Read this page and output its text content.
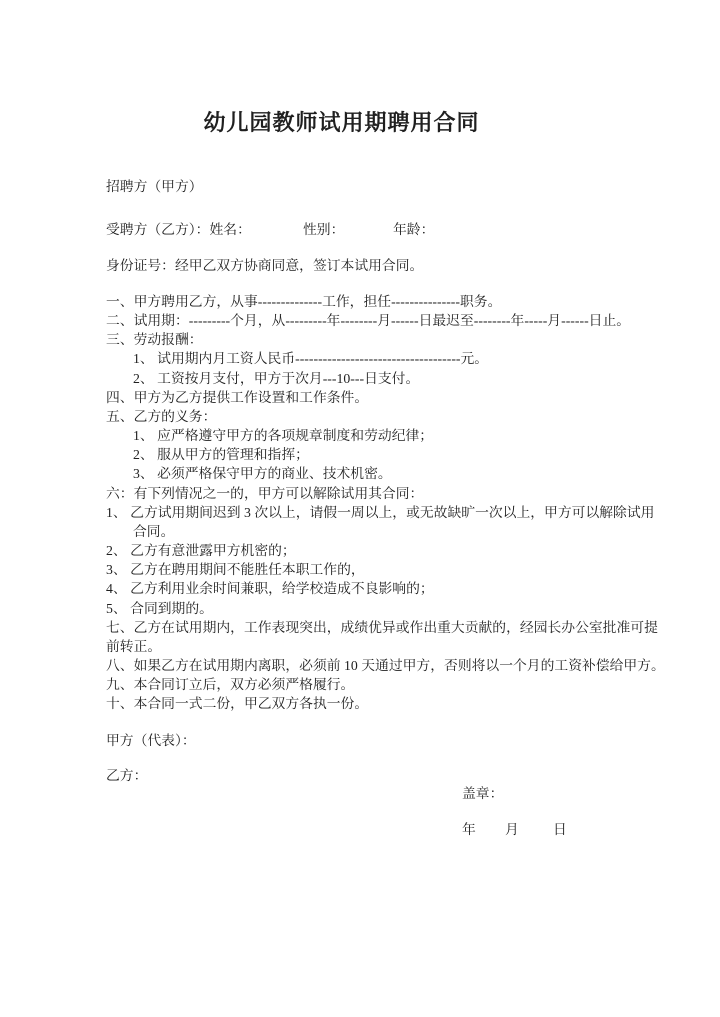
幼儿园教师试用期聘用合同
招聘方（甲方）
受聘方（乙方）：姓名：	性别：	年龄：
身份证号：经甲乙双方协商同意，签订本试用合同。
一、甲方聘用乙方，从事--------------工作，担任---------------职务。
二、试用期：---------个月，从---------年--------月------日最迟至--------年-----月------日止。
三、劳动报酬：
1、 试用期内月工资人民币------------------------------------元。
2、 工资按月支付，甲方于次月---10---日支付。
四、甲方为乙方提供工作设置和工作条件。
五、乙方的义务：
1、 应严格遵守甲方的各项规章制度和劳动纪律；
2、 服从甲方的管理和指挥；
3、 必须严格保守甲方的商业、技术机密。
六：有下列情况之一的，甲方可以解除试用其合同：
1、 乙方试用期间迟到 3 次以上，请假一周以上，或无故缺旷一次以上，甲方可以解除试用
合同。
2、 乙方有意泄露甲方机密的；
3、 乙方在聘用期间不能胜任本职工作的，
4、 乙方利用业余时间兼职，给学校造成不良影响的；
5、 合同到期的。
七、乙方在试用期内，工作表现突出，成绩优异或作出重大贡献的，经园长办公室批准可提
前转正。
八、如果乙方在试用期内离职，必须前 10 天通过甲方，否则将以一个月的工资补偿给甲方。
九、本合同订立后，双方必须严格履行。
十、本合同一式二份，甲乙双方各执一份。
甲方（代表）：
乙方：
盖章：
年 月 日
